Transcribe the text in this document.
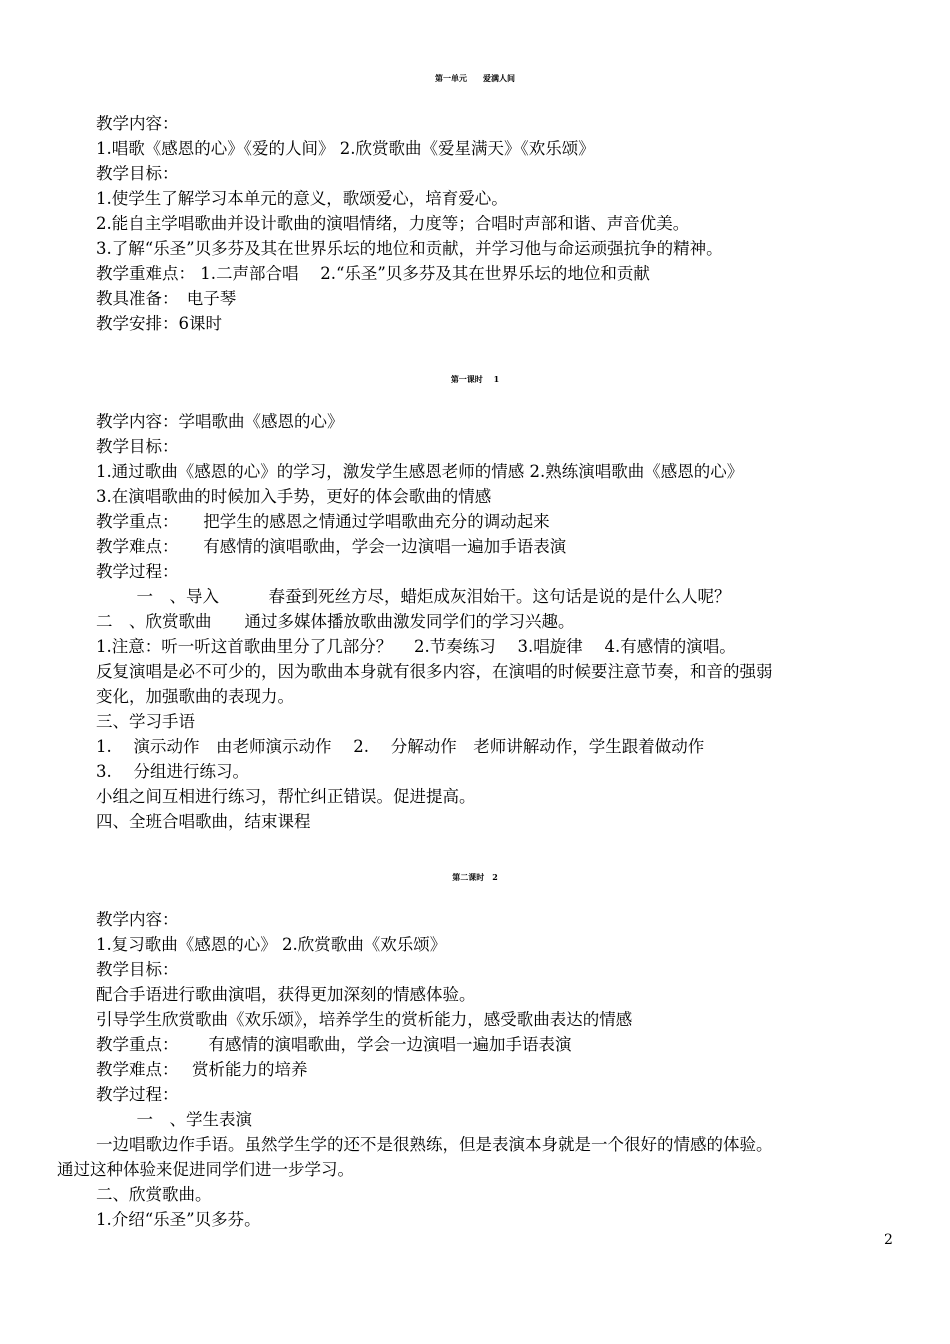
第一单元　　爱满人间
教学内容：
1.唱歌《感恩的心》《爱的人间》 2.欣赏歌曲《爱星满天》《欢乐颂》
教学目标：
1.使学生了解学习本单元的意义，歌颂爱心，培育爱心。
2.能自主学唱歌曲并设计歌曲的演唱情绪，力度等；合唱时声部和谐、声音优美。
3.了解“乐圣”贝多芬及其在世界乐坛的地位和贡献，并学习他与命运顽强抗争的精神。
教学重难点： 1.二声部合唱　 2.“乐圣”贝多芬及其在世界乐坛的地位和贡献
教具准备：　电子琴
教学安排：6课时
第一课时　 1
教学内容：学唱歌曲《感恩的心》
教学目标：
1.通过歌曲《感恩的心》的学习，激发学生感恩老师的情感 2.熟练演唱歌曲《感恩的心》
3.在演唱歌曲的时候加入手势，更好的体会歌曲的情感
教学重点：　　把学生的感恩之情通过学唱歌曲充分的调动起来
教学难点：　　有感情的演唱歌曲，学会一边演唱一遍加手语表演
教学过程：
　一　、导入　　　春蚕到死丝方尽，蜡炬成灰泪始干。这句话是说的是什么人呢？
二　、欣赏歌曲　　通过多媒体播放歌曲激发同学们的学习兴趣。
1.注意：听一听这首歌曲里分了几部分？　 2.节奏练习　 3.唱旋律　 4.有感情的演唱。
反复演唱是必不可少的，因为歌曲本身就有很多内容，在演唱的时候要注意节奏，和音的强弱
变化，加强歌曲的表现力。
三、学习手语
1.　 演示动作　由老师演示动作　 2.　 分解动作　老师讲解动作，学生跟着做动作
3.　 分组进行练习。
小组之间互相进行练习，帮忙纠正错误。促进提高。
四、全班合唱歌曲，结束课程
第二课时　2
教学内容：
1.复习歌曲《感恩的心》 2.欣赏歌曲《欢乐颂》
教学目标：
配合手语进行歌曲演唱，获得更加深刻的情感体验。
引导学生欣赏歌曲《欢乐颂》，培养学生的赏析能力，感受歌曲表达的情感
教学重点：　　 有感情的演唱歌曲，学会一边演唱一遍加手语表演
教学难点：　 赏析能力的培养
教学过程：
　一　、学生表演
一边唱歌边作手语。虽然学生学的还不是很熟练，但是表演本身就是一个很好的情感的体验。
通过这种体验来促进同学们进一步学习。
二、欣赏歌曲。
1.介绍“乐圣”贝多芬。
2
